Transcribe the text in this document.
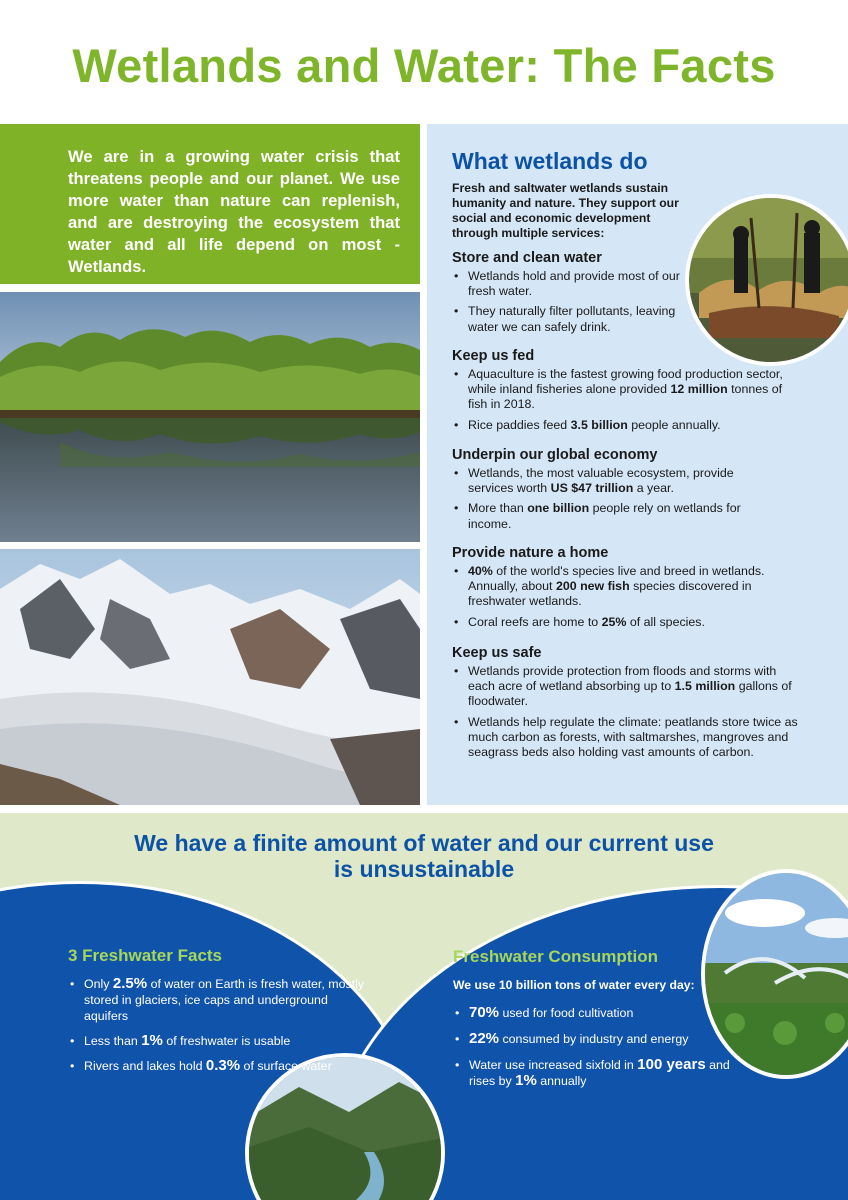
Wetlands and Water: The Facts

We are in a growing water crisis that threatens people and our planet. We use more water than nature can replenish, and are destroying the ecosystem that water and all life depend on most - Wetlands.

What wetlands do

Fresh and saltwater wetlands sustain humanity and nature. They support our social and economic development through multiple services:

Store and clean water
• Wetlands hold and provide most of our fresh water.
• They naturally filter pollutants, leaving water we can safely drink.
Keep us fed
• Aquaculture is the fastest growing food production sector, while inland fisheries alone provided 12 million tonnes of fish in 2018.
• Rice paddies feed 3.5 billion people annually.
Underpin our global economy
• Wetlands, the most valuable ecosystem, provide services worth US $47 trillion a year.
• More than one billion people rely on wetlands for income.
Provide nature a home
• 40% of the world's species live and breed in wetlands. Annually, about 200 new fish species discovered in freshwater wetlands.
• Coral reefs are home to 25% of all species.
Keep us safe
• Wetlands provide protection from floods and storms with each acre of wetland absorbing up to 1.5 million gallons of floodwater.
• Wetlands help regulate the climate: peatlands store twice as much carbon as forests, with saltmarshes, mangroves and seagrass beds also holding vast amounts of carbon.
We have a finite amount of water and our current use
is unsustainable
3 Freshwater Facts
• Only 2.5% of water on Earth is fresh water, mostly stored in glaciers, ice caps and underground aquifers
• Less than 1% of freshwater is usable
• Rivers and lakes hold 0.3% of surface water
Freshwater Consumption

We use 10 billion tons of water every day:

• 70% used for food cultivation
• 22% consumed by industry and energy
• Water use increased sixfold in 100 years and rises by 1% annually
